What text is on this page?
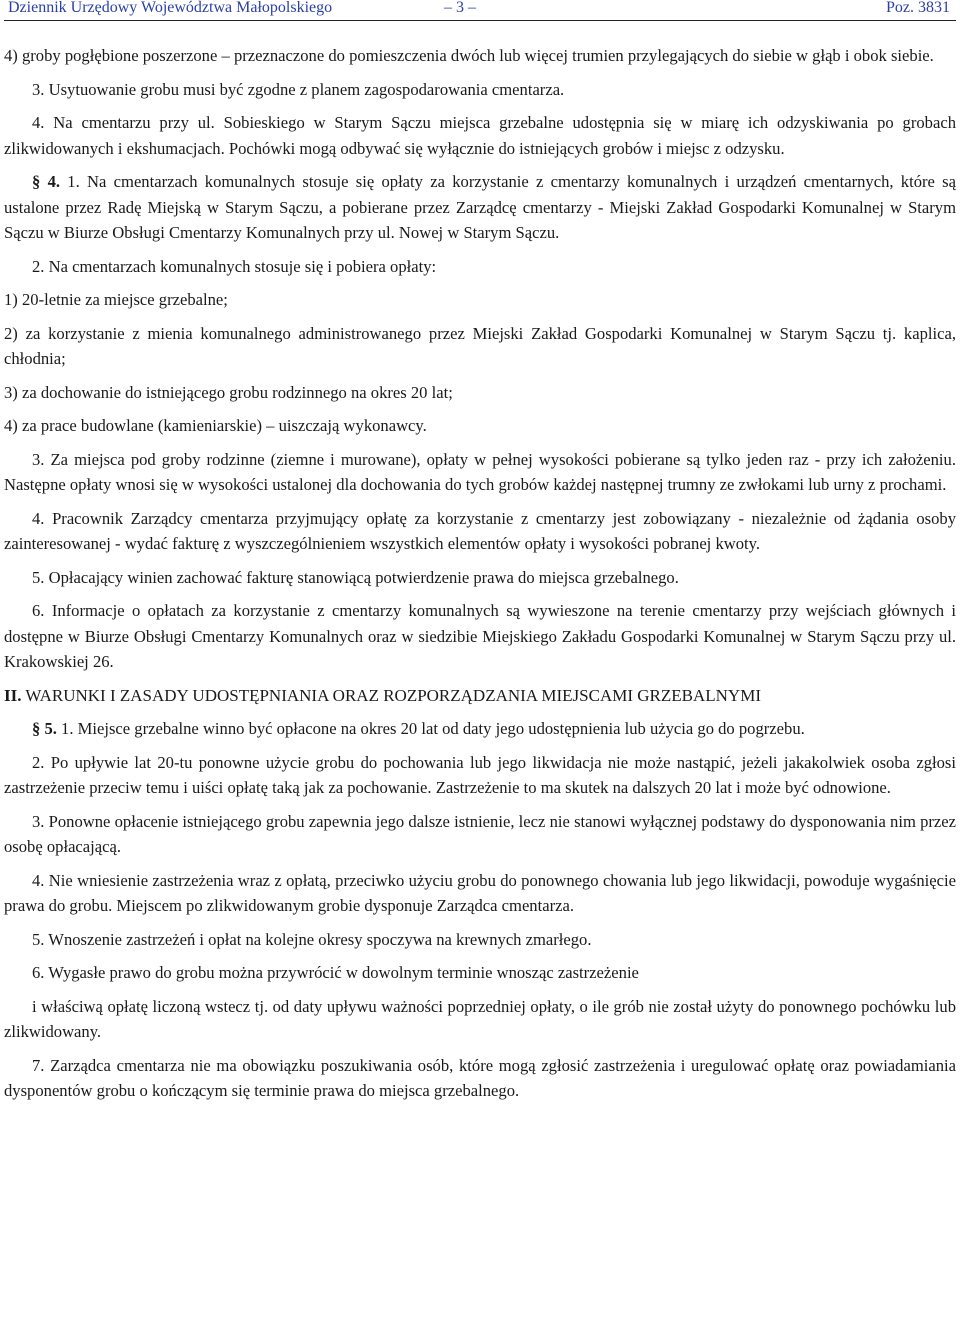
Dziennik Urzędowy Województwa Małopolskiego	– 3 –	Poz. 3831

4) groby pogłębione poszerzone – przeznaczone do pomieszczenia dwóch lub więcej trumien przylegających do siebie w głąb i obok siebie.

3. Usytuowanie grobu musi być zgodne z planem zagospodarowania cmentarza.

4. Na cmentarzu przy ul. Sobieskiego w Starym Sączu miejsca grzebalne udostępnia się w miarę ich odzyskiwania po grobach zlikwidowanych i ekshumacjach. Pochówki mogą odbywać się wyłącznie do istniejących grobów i miejsc z odzysku.

§ 4. 1. Na cmentarzach komunalnych stosuje się opłaty za korzystanie z cmentarzy komunalnych i urządzeń cmentarnych, które są ustalone przez Radę Miejską w Starym Sączu, a pobierane przez Zarządcę cmentarzy - Miejski Zakład Gospodarki Komunalnej w Starym Sączu w Biurze Obsługi Cmentarzy Komunalnych przy ul. Nowej w Starym Sączu.

2. Na cmentarzach komunalnych stosuje się i pobiera opłaty:

1) 20-letnie za miejsce grzebalne;

2) za korzystanie z mienia komunalnego administrowanego przez Miejski Zakład Gospodarki Komunalnej w Starym Sączu tj. kaplica, chłodnia;

3) za dochowanie do istniejącego grobu rodzinnego na okres 20 lat;

4) za prace budowlane (kamieniarskie) – uiszczają wykonawcy.

3. Za miejsca pod groby rodzinne (ziemne i murowane), opłaty w pełnej wysokości pobierane są tylko jeden raz - przy ich założeniu. Następne opłaty wnosi się w wysokości ustalonej dla dochowania do tych grobów każdej następnej trumny ze zwłokami lub urny z prochami.

4. Pracownik Zarządcy cmentarza przyjmujący opłatę za korzystanie z cmentarzy jest zobowiązany - niezależnie od żądania osoby zainteresowanej - wydać fakturę z wyszczególnieniem wszystkich elementów opłaty i wysokości pobranej kwoty.

5. Opłacający winien zachować fakturę stanowiącą potwierdzenie prawa do miejsca grzebalnego.

6. Informacje o opłatach za korzystanie z cmentarzy komunalnych są wywieszone na terenie cmentarzy przy wejściach głównych i dostępne w Biurze Obsługi Cmentarzy Komunalnych oraz w siedzibie Miejskiego Zakładu Gospodarki Komunalnej w Starym Sączu przy ul. Krakowskiej 26.

II. WARUNKI I ZASADY UDOSTĘPNIANIA ORAZ ROZPORZĄDZANIA MIEJSCAMI GRZEBALNYMI

§ 5. 1. Miejsce grzebalne winno być opłacone na okres 20 lat od daty jego udostępnienia lub użycia go do pogrzebu.

2. Po upływie lat 20-tu ponowne użycie grobu do pochowania lub jego likwidacja nie może nastąpić, jeżeli jakakolwiek osoba zgłosi zastrzeżenie przeciw temu i uiści opłatę taką jak za pochowanie. Zastrzeżenie to ma skutek na dalszych 20 lat i może być odnowione.

3. Ponowne opłacenie istniejącego grobu zapewnia jego dalsze istnienie, lecz nie stanowi wyłącznej podstawy do dysponowania nim przez osobę opłacającą.

4. Nie wniesienie zastrzeżenia wraz z opłatą, przeciwko użyciu grobu do ponownego chowania lub jego likwidacji, powoduje wygaśnięcie prawa do grobu. Miejscem po zlikwidowanym grobie dysponuje Zarządca cmentarza.

5. Wnoszenie zastrzeżeń i opłat na kolejne okresy spoczywa na krewnych zmarłego.

6. Wygasłe prawo do grobu można przywrócić w dowolnym terminie wnosząc zastrzeżenie

i właściwą opłatę liczoną wstecz tj. od daty upływu ważności poprzedniej opłaty, o ile grób nie został użyty do ponownego pochówku lub zlikwidowany.

7. Zarządca cmentarza nie ma obowiązku poszukiwania osób, które mogą zgłosić zastrzeżenia i uregulować opłatę oraz powiadamiania dysponentów grobu o kończącym się terminie prawa do miejsca grzebalnego.
